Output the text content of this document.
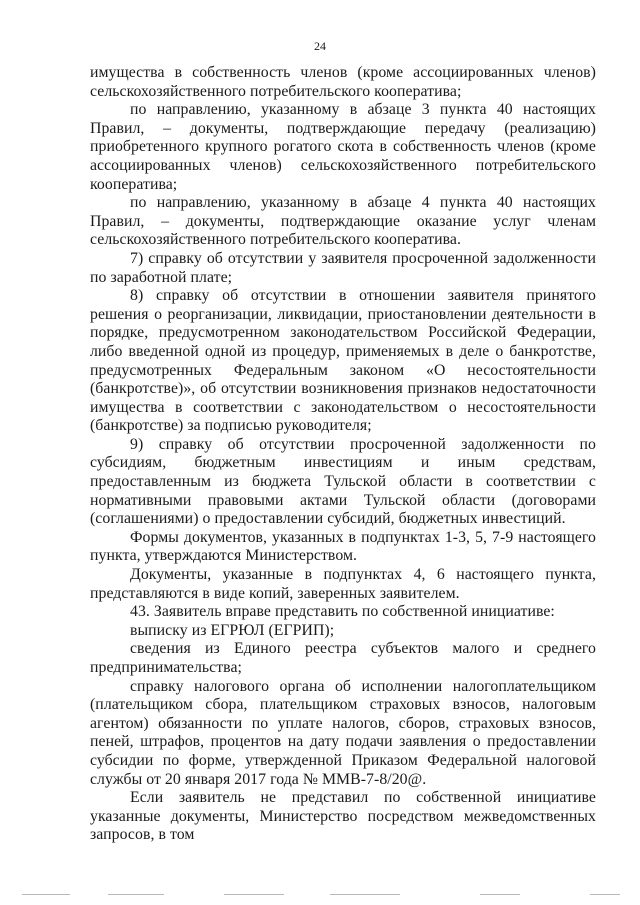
24

имущества в собственность членов (кроме ассоциированных членов) сельскохозяйственного потребительского кооператива;

по направлению, указанному в абзаце 3 пункта 40 настоящих Правил, – документы, подтверждающие передачу (реализацию) приобретенного крупного рогатого скота в собственность членов (кроме ассоциированных членов) сельскохозяйственного потребительского кооператива;

по направлению, указанному в абзаце 4 пункта 40 настоящих Правил, – документы, подтверждающие оказание услуг членам сельскохозяйственного потребительского кооператива.

7) справку об отсутствии у заявителя просроченной задолженности по заработной плате;

8) справку об отсутствии в отношении заявителя принятого решения о реорганизации, ликвидации, приостановлении деятельности в порядке, предусмотренном законодательством Российской Федерации, либо введенной одной из процедур, применяемых в деле о банкротстве, предусмотренных Федеральным законом «О несостоятельности (банкротстве)», об отсутствии возникновения признаков недостаточности имущества в соответствии с законодательством о несостоятельности (банкротстве) за подписью руководителя;

9) справку об отсутствии просроченной задолженности по субсидиям, бюджетным инвестициям и иным средствам, предоставленным из бюджета Тульской области в соответствии с нормативными правовыми актами Тульской области (договорами (соглашениями) о предоставлении субсидий, бюджетных инвестиций.

Формы документов, указанных в подпунктах 1-3, 5, 7-9 настоящего пункта, утверждаются Министерством.

Документы, указанные в подпунктах 4, 6 настоящего пункта, представляются в виде копий, заверенных заявителем.

43. Заявитель вправе представить по собственной инициативе:

выписку из ЕГРЮЛ (ЕГРИП);

сведения из Единого реестра субъектов малого и среднего предпринимательства;

справку налогового органа об исполнении налогоплательщиком (плательщиком сбора, плательщиком страховых взносов, налоговым агентом) обязанности по уплате налогов, сборов, страховых взносов, пеней, штрафов, процентов на дату подачи заявления о предоставлении субсидии по форме, утвержденной Приказом Федеральной налоговой службы от 20 января 2017 года № ММВ-7-8/20@.

Если заявитель не представил по собственной инициативе указанные документы, Министерство посредством межведомственных запросов, в том
